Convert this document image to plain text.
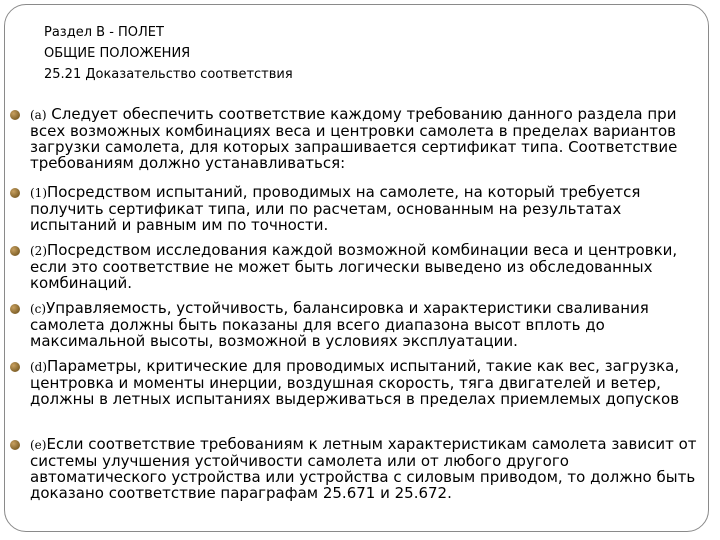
Раздел В - ПОЛЕТ
ОБЩИЕ ПОЛОЖЕНИЯ
25.21 Доказательство соответствия
(a) Следует обеспечить соответствие каждому требованию данного раздела при всех возможных комбинациях веса и центровки самолета в пределах вариантов загрузки самолета, для которых запрашивается сертификат типа. Соответствие требованиям должно устанавливаться:
(1)Посредством испытаний, проводимых на самолете, на который требуется получить сертификат типа, или по расчетам, основанным на результатах испытаний и равным им по точности.
(2)Посредством исследования каждой возможной комбинации веса и центровки, если это соответствие не может быть логически выведено из обследованных комбинаций.
(c)Управляемость, устойчивость, балансировка и характеристики сваливания самолета должны быть показаны для всего диапазона высот вплоть до максимальной высоты, возможной в условиях эксплуатации.
(d)Параметры, критические для проводимых испытаний, такие как вес, загрузка, центровка и моменты инерции, воздушная скорость, тяга двигателей и ветер, должны в летных испытаниях выдерживаться в пределах приемлемых допусков
(e)Если соответствие требованиям к летным характеристикам самолета зависит от системы улучшения устойчивости самолета или от любого другого автоматического устройства или устройства с силовым приводом, то должно быть доказано соответствие параграфам 25.671 и 25.672.
